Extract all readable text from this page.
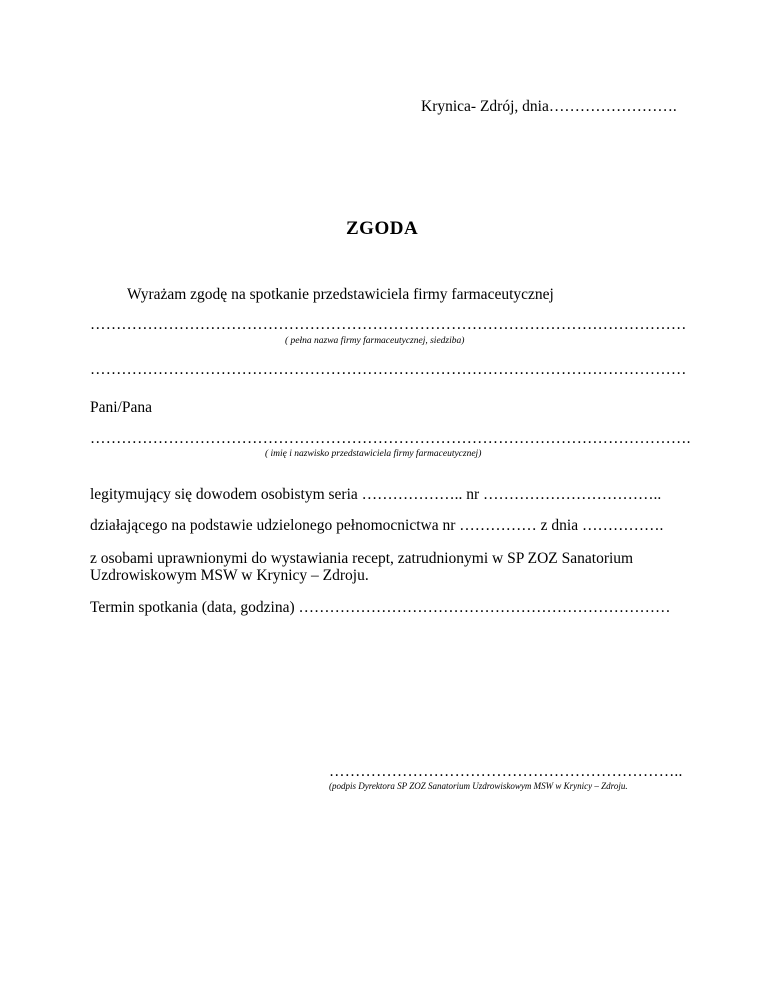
Krynica- Zdrój, dnia…………………….
ZGODA
Wyrażam zgodę na spotkanie przedstawiciela firmy farmaceutycznej
……………………………………………………………………………………………………
( pełna nazwa firmy farmaceutycznej, siedziba)
……………………………………………………………………………………………………
Pani/Pana
…………………………………………………………………………………………………….
( imię i nazwisko przedstawiciela firmy farmaceutycznej)
legitymujący się dowodem osobistym seria ……………….. nr ……………………………..
działającego na podstawie udzielonego pełnomocnictwa nr …………… z dnia …………….
z osobami uprawnionymi do wystawiania recept, zatrudnionymi w SP ZOZ Sanatorium
Uzdrowiskowym MSW w Krynicy – Zdroju.
Termin spotkania (data, godzina) ………………………………………………………………
…………………………………………………………..
(podpis Dyrektora SP ZOZ Sanatorium Uzdrowiskowym MSW w Krynicy – Zdroju.
